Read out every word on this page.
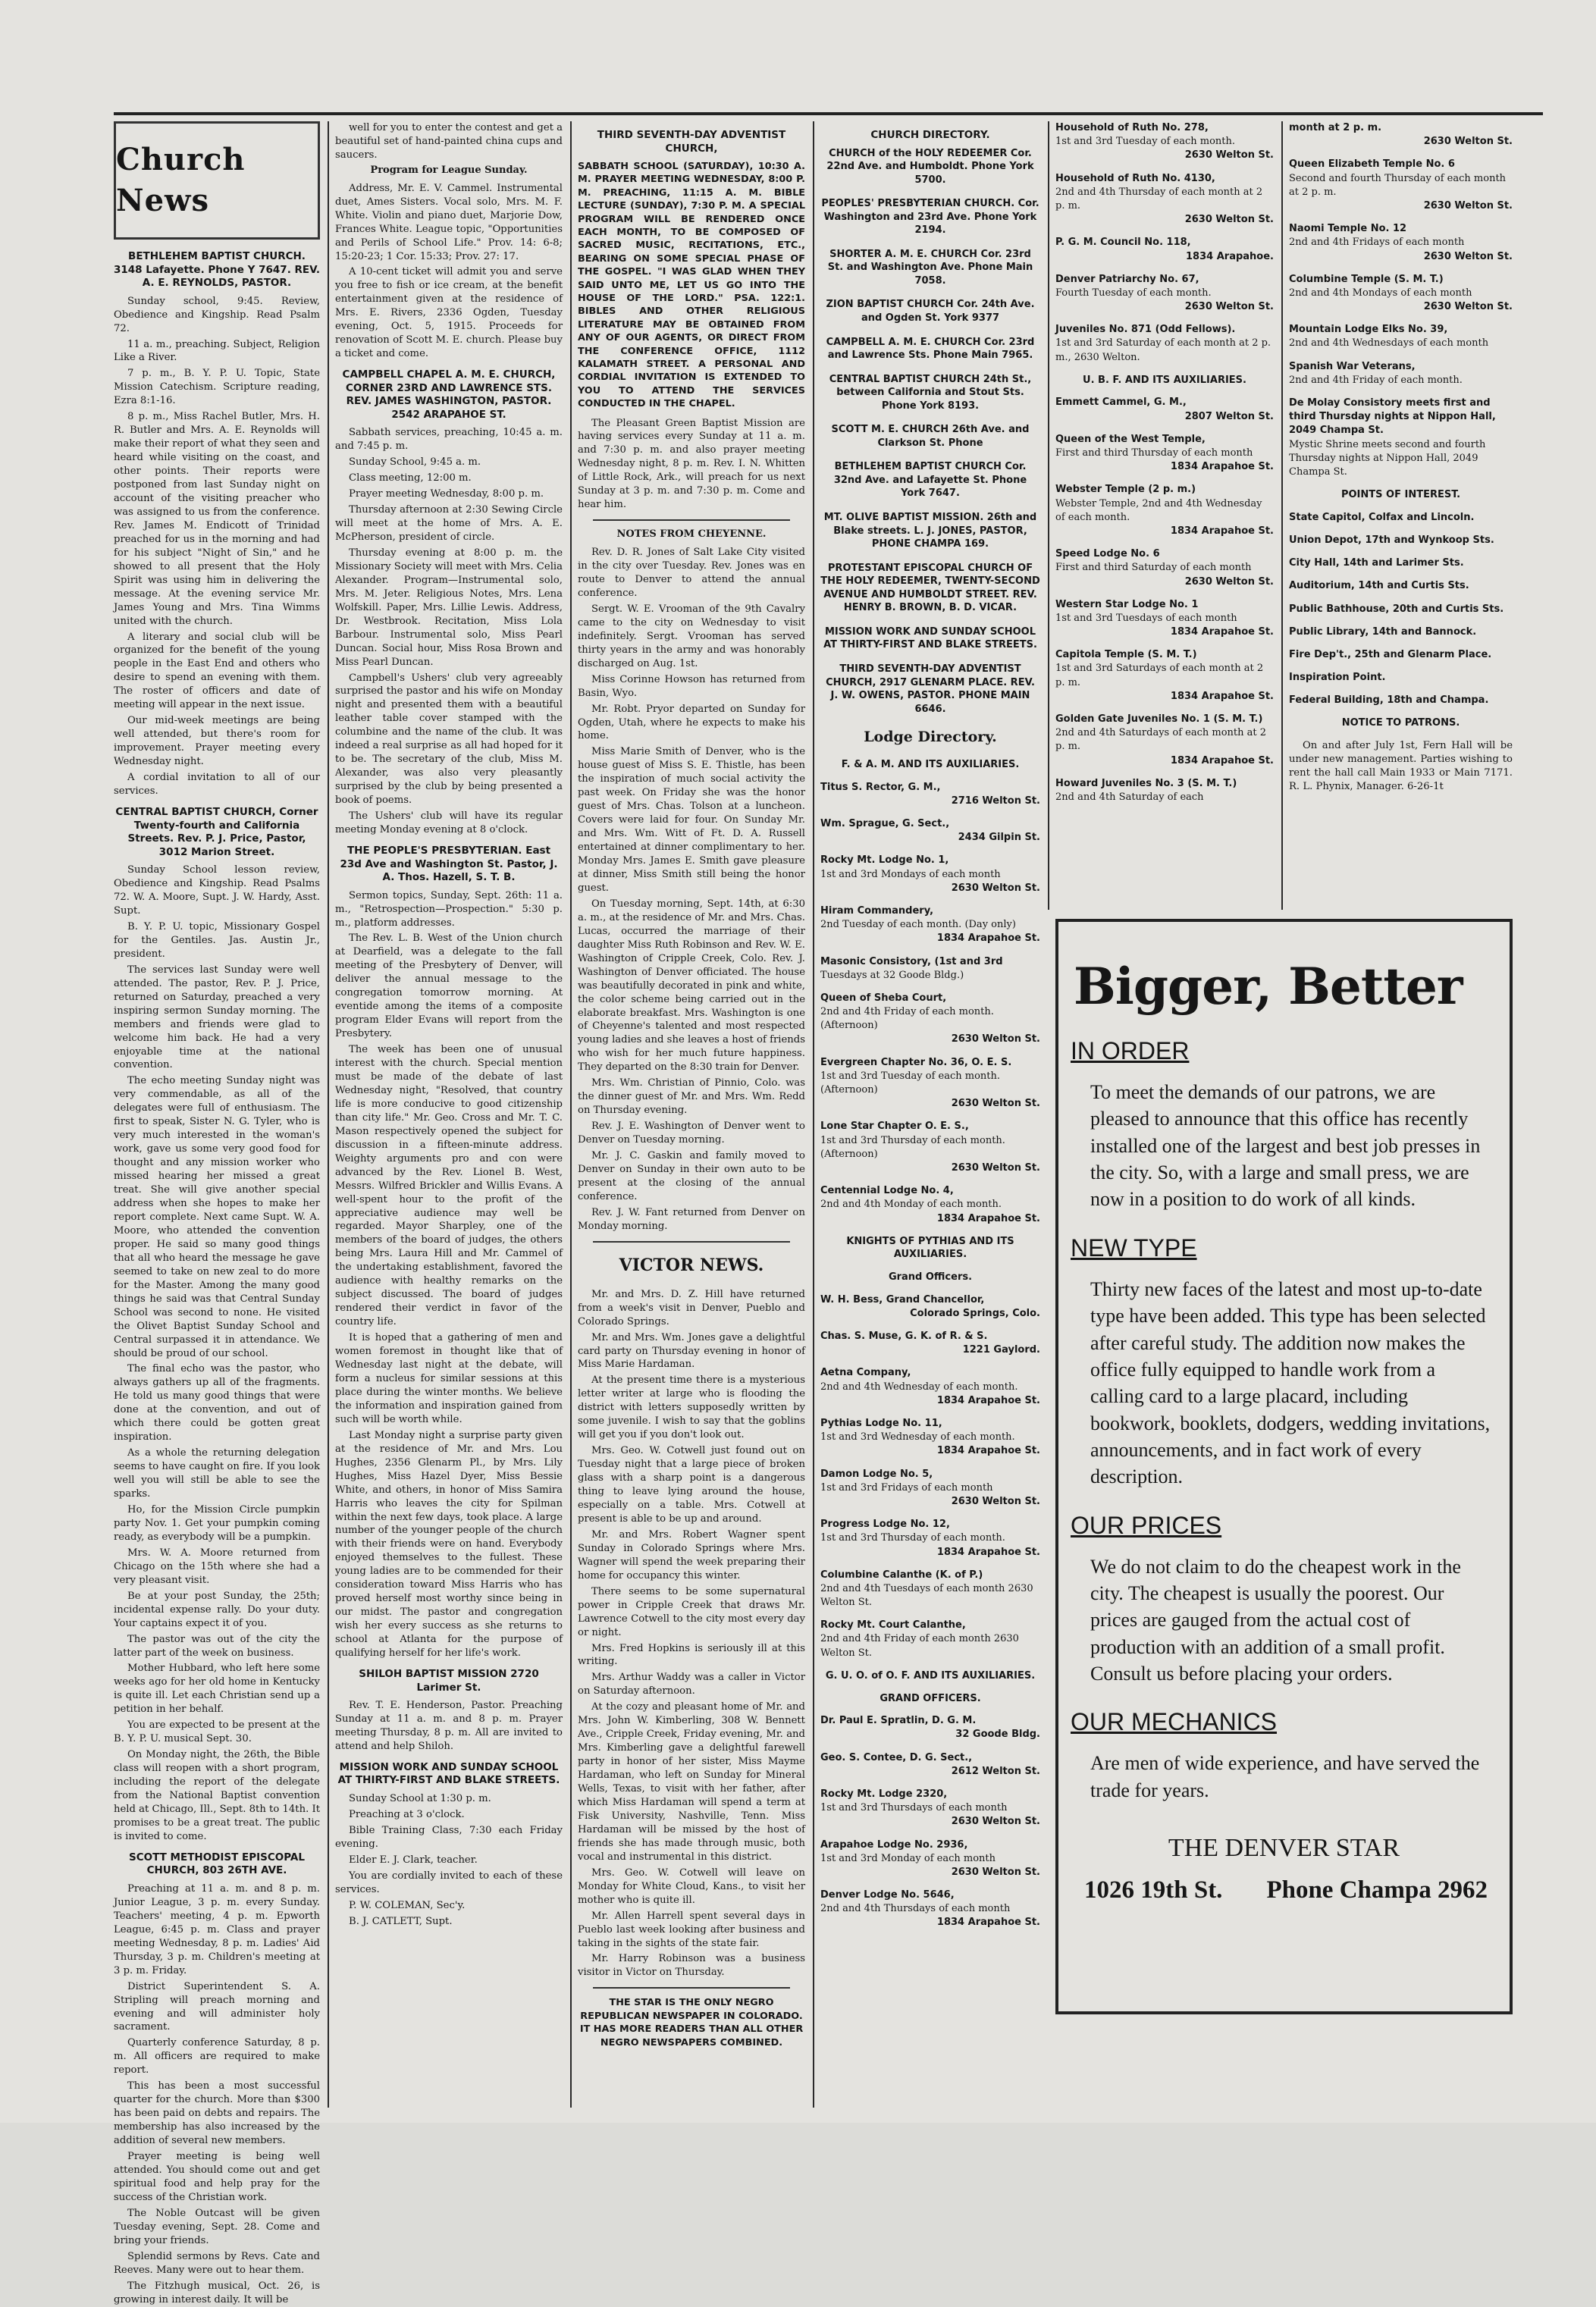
Church News
BETHLEHEM BAPTIST CHURCH. 3148 Lafayette. Phone Y 7647. REV. A. E. REYNOLDS, PASTOR.

Sunday school, 9:45. Review, Obedience and Kingship. Read Psalm 72.

11 a. m., preaching. Subject, Religion Like a River.

7 p. m., B. Y. P. U. Topic, State Mission Catechism. Scripture reading, Ezra 8:1-16.

8 p. m., Miss Rachel Butler, Mrs. H. R. Butler and Mrs. A. E. Reynolds will make their report of what they seen and heard while visiting on the coast, and other points. Their reports were postponed from last Sunday night on account of the visiting preacher who was assigned to us from the conference. Rev. James M. Endicott of Trinidad preached for us in the morning and had for his subject "Night of Sin," and he showed to all present that the Holy Spirit was using him in delivering the message. At the evening service Mr. James Young and Mrs. Tina Wimms united with the church.

A literary and social club will be organized for the benefit of the young people in the East End and others who desire to spend an evening with them. The roster of officers and date of meeting will appear in the next issue.

Our mid-week meetings are being well attended, but there's room for improvement. Prayer meeting every Wednesday night.

A cordial invitation to all of our services.

CENTRAL BAPTIST CHURCH, Corner Twenty-fourth and California Streets. Rev. P. J. Price, Pastor, 3012 Marion Street.

Sunday School lesson review, Obedience and Kingship. Read Psalms 72. W. A. Moore, Supt. J. W. Hardy, Asst. Supt.

B. Y. P. U. topic, Missionary Gospel for the Gentiles. Jas. Austin Jr., president.

The services last Sunday were well attended. The pastor, Rev. P. J. Price, returned on Saturday, preached a very inspiring sermon Sunday morning. The members and friends were glad to welcome him back. He had a very enjoyable time at the national convention.

The echo meeting Sunday night was very commendable, as all of the delegates were full of enthusiasm. The first to speak, Sister N. G. Tyler, who is very much interested in the woman's work, gave us some very good food for thought and any mission worker who missed hearing her missed a great treat. She will give another special address when she hopes to make her report complete. Next came Supt. W. A. Moore, who attended the convention proper. He said so many good things that all who heard the message he gave seemed to take on new zeal to do more for the Master. Among the many good things he said was that Central Sunday School was second to none. He visited the Olivet Baptist Sunday School and Central surpassed it in attendance. We should be proud of our school.

The final echo was the pastor, who always gathers up all of the fragments. He told us many good things that were done at the convention, and out of which there could be gotten great inspiration.

As a whole the returning delegation seems to have caught on fire. If you look well you will still be able to see the sparks.

Ho, for the Mission Circle pumpkin party Nov. 1. Get your pumpkin coming ready, as everybody will be a pumpkin.

Mrs. W. A. Moore returned from Chicago on the 15th where she had a very pleasant visit.

Be at your post Sunday, the 25th; incidental expense rally. Do your duty. Your captains expect it of you.

The pastor was out of the city the latter part of the week on business.

Mother Hubbard, who left here some weeks ago for her old home in Kentucky is quite ill. Let each Christian send up a petition in her behalf.

You are expected to be present at the B. Y. P. U. musical Sept. 30.

On Monday night, the 26th, the Bible class will reopen with a short program, including the report of the delegate from the National Baptist convention held at Chicago, Ill., Sept. 8th to 14th. It promises to be a great treat. The public is invited to come.

SCOTT METHODIST EPISCOPAL CHURCH, 803 26TH AVE.

Preaching at 11 a. m. and 8 p. m. Junior League, 3 p. m. every Sunday. Teachers' meeting, 4 p. m. Epworth League, 6:45 p. m. Class and prayer meeting Wednesday, 8 p. m. Ladies' Aid Thursday, 3 p. m. Children's meeting at 3 p. m. Friday.

District Superintendent S. A. Stripling will preach morning and evening and will administer holy sacrament.

Quarterly conference Saturday, 8 p. m. All officers are required to make report.

This has been a most successful quarter for the church. More than $300 has been paid on debts and repairs. The membership has also increased by the addition of several new members.

Prayer meeting is being well attended. You should come out and get spiritual food and help pray for the success of the Christian work.

The Noble Outcast will be given Tuesday evening, Sept. 28. Come and bring your friends.

Splendid sermons by Revs. Cate and Reeves. Many were out to hear them.

The Fitzhugh musical, Oct. 26, is growing in interest daily. It will be

well for you to enter the contest and get a beautiful set of hand-painted china cups and saucers.

Program for League Sunday.

Address, Mr. E. V. Cammel. Instrumental duet, Ames Sisters. Vocal solo, Mrs. M. F. White. Violin and piano duet, Marjorie Dow, Frances White. League topic, "Opportunities and Perils of School Life." Prov. 14: 6-8; 15:20-23; 1 Cor. 15:33; Prov. 27: 17.

A 10-cent ticket will admit you and serve you free to fish or ice cream, at the benefit entertainment given at the residence of Mrs. E. Rivers, 2336 Ogden, Tuesday evening, Oct. 5, 1915. Proceeds for renovation of Scott M. E. church. Please buy a ticket and come.

CAMPBELL CHAPEL A. M. E. CHURCH, CORNER 23RD AND LAWRENCE STS. REV. JAMES WASHINGTON, PASTOR. 2542 ARAPAHOE ST.

Sabbath services, preaching, 10:45 a. m. and 7:45 p. m.

Sunday School, 9:45 a. m.

Class meeting, 12:00 m.

Prayer meeting Wednesday, 8:00 p. m.

Thursday afternoon at 2:30 Sewing Circle will meet at the home of Mrs. A. E. McPherson, president of circle.

Thursday evening at 8:00 p. m. the Missionary Society will meet with Mrs. Celia Alexander. Program—Instrumental solo, Mrs. M. Jeter. Religious Notes, Mrs. Lena Wolfskill. Paper, Mrs. Lillie Lewis. Address, Dr. Westbrook. Recitation, Miss Lola Barbour. Instrumental solo, Miss Pearl Duncan. Social hour, Miss Rosa Brown and Miss Pearl Duncan.

Campbell's Ushers' club very agreeably surprised the pastor and his wife on Monday night and presented them with a beautiful leather table cover stamped with the columbine and the name of the club. It was indeed a real surprise as all had hoped for it to be. The secretary of the club, Miss M. Alexander, was also very pleasantly surprised by the club by being presented a book of poems.

The Ushers' club will have its regular meeting Monday evening at 8 o'clock.

THE PEOPLE'S PRESBYTERIAN. East 23d Ave and Washington St. Pastor, J. A. Thos. Hazell, S. T. B.

Sermon topics, Sunday, Sept. 26th: 11 a. m., "Retrospection—Prospection." 5:30 p. m., platform addresses.

The Rev. L. B. West of the Union church at Dearfield, was a delegate to the fall meeting of the Presbytery of Denver, will deliver the annual message to the congregation tomorrow morning. At eventide among the items of a composite program Elder Evans will report from the Presbytery.

The week has been one of unusual interest with the church. Special mention must be made of the debate of last Wednesday night, "Resolved, that country life is more conducive to good citizenship than city life." Mr. Geo. Cross and Mr. T. C. Mason respectively opened the subject for discussion in a fifteen-minute address. Weighty arguments pro and con were advanced by the Rev. Lionel B. West, Messrs. Wilfred Brickler and Willis Evans. A well-spent hour to the profit of the appreciative audience may well be regarded. Mayor Sharpley, one of the members of the board of judges, the others being Mrs. Laura Hill and Mr. Cammel of the undertaking establishment, favored the audience with healthy remarks on the subject discussed. The board of judges rendered their verdict in favor of the country life.

It is hoped that a gathering of men and women foremost in thought like that of Wednesday last night at the debate, will form a nucleus for similar sessions at this place during the winter months. We believe the information and inspiration gained from such will be worth while.

Last Monday night a surprise party given at the residence of Mr. and Mrs. Lou Hughes, 2356 Glenarm Pl., by Mrs. Lily Hughes, Miss Hazel Dyer, Miss Bessie White, and others, in honor of Miss Samira Harris who leaves the city for Spilman within the next few days, took place. A large number of the younger people of the church with their friends were on hand. Everybody enjoyed themselves to the fullest. These young ladies are to be commended for their consideration toward Miss Harris who has proved herself most worthy since being in our midst. The pastor and congregation wish her every success as she returns to school at Atlanta for the purpose of qualifying herself for her life's work.

SHILOH BAPTIST MISSION 2720 Larimer St.

Rev. T. E. Henderson, Pastor. Preaching Sunday at 11 a. m. and 8 p. m. Prayer meeting Thursday, 8 p. m. All are invited to attend and help Shiloh.

MISSION WORK AND SUNDAY SCHOOL AT THIRTY-FIRST AND BLAKE STREETS.

Sunday School at 1:30 p. m.

Preaching at 3 o'clock.

Bible Training Class, 7:30 each Friday evening.

Elder E. J. Clark, teacher.

You are cordially invited to each of these services.

P. W. COLEMAN, Sec'y.

B. J. CATLETT, Supt.

THIRD SEVENTH-DAY ADVENTIST CHURCH,
SABBATH SCHOOL (SATURDAY), 10:30 A. M. PRAYER MEETING WEDNESDAY, 8:00 P. M. PREACHING, 11:15 A. M. BIBLE LECTURE (SUNDAY), 7:30 P. M. A SPECIAL PROGRAM WILL BE RENDERED ONCE EACH MONTH, TO BE COMPOSED OF SACRED MUSIC, RECITATIONS, ETC., BEARING ON SOME SPECIAL PHASE OF THE GOSPEL. "I WAS GLAD WHEN THEY SAID UNTO ME, LET US GO INTO THE HOUSE OF THE LORD." PSA. 122:1. BIBLES AND OTHER RELIGIOUS LITERATURE MAY BE OBTAINED FROM ANY OF OUR AGENTS, OR DIRECT FROM THE CONFERENCE OFFICE, 1112 KALAMATH STREET. A PERSONAL AND CORDIAL INVITATION IS EXTENDED TO YOU TO ATTEND THE SERVICES CONDUCTED IN THE CHAPEL.

The Pleasant Green Baptist Mission are having services every Sunday at 11 a. m. and 7:30 p. m. and also prayer meeting Wednesday night, 8 p. m. Rev. I. N. Whitten of Little Rock, Ark., will preach for us next Sunday at 3 p. m. and 7:30 p. m. Come and hear him.

NOTES FROM CHEYENNE.

Rev. D. R. Jones of Salt Lake City visited in the city over Tuesday. Rev. Jones was en route to Denver to attend the annual conference.

Sergt. W. E. Vrooman of the 9th Cavalry came to the city on Wednesday to visit indefinitely. Sergt. Vrooman has served thirty years in the army and was honorably discharged on Aug. 1st.

Miss Corinne Howson has returned from Basin, Wyo.

Mr. Robt. Pryor departed on Sunday for Ogden, Utah, where he expects to make his home.

Miss Marie Smith of Denver, who is the house guest of Miss S. E. Thistle, has been the inspiration of much social activity the past week. On Friday she was the honor guest of Mrs. Chas. Tolson at a luncheon. Covers were laid for four. On Sunday Mr. and Mrs. Wm. Witt of Ft. D. A. Russell entertained at dinner complimentary to her. Monday Mrs. James E. Smith gave pleasure at dinner, Miss Smith still being the honor guest.

On Tuesday morning, Sept. 14th, at 6:30 a. m., at the residence of Mr. and Mrs. Chas. Lucas, occurred the marriage of their daughter Miss Ruth Robinson and Rev. W. E. Washington of Cripple Creek, Colo. Rev. J. Washington of Denver officiated. The house was beautifully decorated in pink and white, the color scheme being carried out in the elaborate breakfast. Mrs. Washington is one of Cheyenne's talented and most respected young ladies and she leaves a host of friends who wish for her much future happiness. They departed on the 8:30 train for Denver.

Mrs. Wm. Christian of Pinnio, Colo. was the dinner guest of Mr. and Mrs. Wm. Redd on Thursday evening.

Rev. J. E. Washington of Denver went to Denver on Tuesday morning.

Mr. J. C. Gaskin and family moved to Denver on Sunday in their own auto to be present at the closing of the annual conference.

Rev. J. W. Fant returned from Denver on Monday morning.

VICTOR NEWS.

Mr. and Mrs. D. Z. Hill have returned from a week's visit in Denver, Pueblo and Colorado Springs.

Mr. and Mrs. Wm. Jones gave a delightful card party on Thursday evening in honor of Miss Marie Hardaman.

At the present time there is a mysterious letter writer at large who is flooding the district with letters supposedly written by some juvenile. I wish to say that the goblins will get you if you don't look out.

Mrs. Geo. W. Cotwell just found out on Tuesday night that a large piece of broken glass with a sharp point is a dangerous thing to leave lying around the house, especially on a table. Mrs. Cotwell at present is able to be up and around.

Mr. and Mrs. Robert Wagner spent Sunday in Colorado Springs where Mrs. Wagner will spend the week preparing their home for occupancy this winter.

There seems to be some supernatural power in Cripple Creek that draws Mr. Lawrence Cotwell to the city most every day or night.

Mrs. Fred Hopkins is seriously ill at this writing.

Mrs. Arthur Waddy was a caller in Victor on Saturday afternoon.

At the cozy and pleasant home of Mr. and Mrs. John W. Kimberling, 308 W. Bennett Ave., Cripple Creek, Friday evening, Mr. and Mrs. Kimberling gave a delightful farewell party in honor of her sister, Miss Mayme Hardaman, who left on Sunday for Mineral Wells, Texas, to visit with her father, after which Miss Hardaman will spend a term at Fisk University, Nashville, Tenn. Miss Hardaman will be missed by the host of friends she has made through music, both vocal and instrumental in this district.

Mrs. Geo. W. Cotwell will leave on Monday for White Cloud, Kans., to visit her mother who is quite ill.

Mr. Allen Harrell spent several days in Pueblo last week looking after business and taking in the sights of the state fair.

Mr. Harry Robinson was a business visitor in Victor on Thursday.

THE STAR IS THE ONLY NEGRO REPUBLICAN NEWSPAPER IN COLORADO. IT HAS MORE READERS THAN ALL OTHER NEGRO NEWSPAPERS COMBINED.
CHURCH DIRECTORY.
CHURCH of the HOLY REDEEMER Cor. 22nd Ave. and Humboldt. Phone York 5700.
PEOPLES' PRESBYTERIAN CHURCH. Cor. Washington and 23rd Ave. Phone York 2194.
SHORTER A. M. E. CHURCH Cor. 23rd St. and Washington Ave. Phone Main 7058.
ZION BAPTIST CHURCH Cor. 24th Ave. and Ogden St. York 9377
CAMPBELL A. M. E. CHURCH Cor. 23rd and Lawrence Sts. Phone Main 7965.
CENTRAL BAPTIST CHURCH 24th St., between California and Stout Sts. Phone York 8193.
SCOTT M. E. CHURCH 26th Ave. and Clarkson St. Phone
BETHLEHEM BAPTIST CHURCH Cor. 32nd Ave. and Lafayette St. Phone York 7647.
MT. OLIVE BAPTIST MISSION. 26th and Blake streets. L. J. JONES, PASTOR, PHONE CHAMPA 169.
PROTESTANT EPISCOPAL CHURCH OF THE HOLY REDEEMER, TWENTY-SECOND AVENUE AND HUMBOLDT STREET. REV. HENRY B. BROWN, B. D. VICAR.
MISSION WORK AND SUNDAY SCHOOL AT THIRTY-FIRST AND BLAKE STREETS.
THIRD SEVENTH-DAY ADVENTIST CHURCH, 2917 GLENARM PLACE. REV. J. W. OWENS, PASTOR. PHONE MAIN 6646.
Lodge Directory.
F. & A. M. AND ITS AUXILIARIES.
Titus S. Rector, G. M.,
2716 Welton St.
Wm. Sprague, G. Sect.,
2434 Gilpin St.
Rocky Mt. Lodge No. 1,
1st and 3rd Mondays of each month
2630 Welton St.
Hiram Commandery,
2nd Tuesday of each month. (Day only)
1834 Arapahoe St.
Masonic Consistory, (1st and 3rd
Tuesdays at 32 Goode Bldg.)
Queen of Sheba Court,
2nd and 4th Friday of each month. (Afternoon)
2630 Welton St.
Evergreen Chapter No. 36, O. E. S.
1st and 3rd Tuesday of each month. (Afternoon)
2630 Welton St.
Lone Star Chapter O. E. S.,
1st and 3rd Thursday of each month. (Afternoon)
2630 Welton St.
Centennial Lodge No. 4,
2nd and 4th Monday of each month.
1834 Arapahoe St.
KNIGHTS OF PYTHIAS AND ITS AUXILIARIES.
Grand Officers.
W. H. Bess, Grand Chancellor,
Colorado Springs, Colo.
Chas. S. Muse, G. K. of R. & S.
1221 Gaylord.
Aetna Company,
2nd and 4th Wednesday of each month.
1834 Arapahoe St.
Pythias Lodge No. 11,
1st and 3rd Wednesday of each month.
1834 Arapahoe St.
Damon Lodge No. 5,
1st and 3rd Fridays of each month
2630 Welton St.
Progress Lodge No. 12,
1st and 3rd Thursday of each month.
1834 Arapahoe St.
Columbine Calanthe (K. of P.)
2nd and 4th Tuesdays of each month 2630 Welton St.
Rocky Mt. Court Calanthe,
2nd and 4th Friday of each month 2630 Welton St.
G. U. O. of O. F. AND ITS AUXILIARIES.
GRAND OFFICERS.
Dr. Paul E. Spratlin, D. G. M.
32 Goode Bldg.
Geo. S. Contee, D. G. Sect.,
2612 Welton St.
Rocky Mt. Lodge 2320,
1st and 3rd Thursdays of each month
2630 Welton St.
Arapahoe Lodge No. 2936,
1st and 3rd Monday of each month
2630 Welton St.
Denver Lodge No. 5646,
2nd and 4th Thursdays of each month
1834 Arapahoe St.
Household of Ruth No. 278,
1st and 3rd Tuesday of each month.
2630 Welton St.
Household of Ruth No. 4130,
2nd and 4th Thursday of each month at 2 p. m.
2630 Welton St.
P. G. M. Council No. 118,
1834 Arapahoe.
Denver Patriarchy No. 67,
Fourth Tuesday of each month.
2630 Welton St.
Juveniles No. 871 (Odd Fellows).
1st and 3rd Saturday of each month at 2 p. m., 2630 Welton.
U. B. F. AND ITS AUXILIARIES.
Emmett Cammel, G. M.,
2807 Welton St.
Queen of the West Temple,
First and third Thursday of each month
1834 Arapahoe St.
Webster Temple (2 p. m.)
Webster Temple, 2nd and 4th Wednesday of each month.
1834 Arapahoe St.
Speed Lodge No. 6
First and third Saturday of each month
2630 Welton St.
Western Star Lodge No. 1
1st and 3rd Tuesdays of each month
1834 Arapahoe St.
Capitola Temple (S. M. T.)
1st and 3rd Saturdays of each month at 2 p. m.
1834 Arapahoe St.
Golden Gate Juveniles No. 1 (S. M. T.)
2nd and 4th Saturdays of each month at 2 p. m.
1834 Arapahoe St.
Howard Juveniles No. 3 (S. M. T.)
2nd and 4th Saturday of each
month at 2 p. m.
2630 Welton St.
Queen Elizabeth Temple No. 6
Second and fourth Thursday of each month at 2 p. m.
2630 Welton St.
Naomi Temple No. 12
2nd and 4th Fridays of each month
2630 Welton St.
Columbine Temple (S. M. T.)
2nd and 4th Mondays of each month
2630 Welton St.
Mountain Lodge Elks No. 39,
2nd and 4th Wednesdays of each month
Spanish War Veterans,
2nd and 4th Friday of each month.
De Molay Consistory meets first and third Thursday nights at Nippon Hall, 2049 Champa St.
Mystic Shrine meets second and fourth Thursday nights at Nippon Hall, 2049 Champa St.
POINTS OF INTEREST.
State Capitol, Colfax and Lincoln.
Union Depot, 17th and Wynkoop Sts.
City Hall, 14th and Larimer Sts.
Auditorium, 14th and Curtis Sts.
Public Bathhouse, 20th and Curtis Sts.
Public Library, 14th and Bannock.
Fire Dep't., 25th and Glenarm Place.
Inspiration Point.
Federal Building, 18th and Champa.
NOTICE TO PATRONS.

On and after July 1st, Fern Hall will be under new management. Parties wishing to rent the hall call Main 1933 or Main 7171. R. L. Phynix, Manager. 6-26-1t

Bigger, Better
IN ORDER
To meet the demands of our patrons, we are pleased to announce that this office has recently installed one of the largest and best job presses in the city. So, with a large and small press, we are now in a position to do work of all kinds.
NEW TYPE
Thirty new faces of the latest and most up-to-date type have been added. This type has been selected after careful study. The addition now makes the office fully equipped to handle work from a calling card to a large placard, including bookwork, booklets, dodgers, wedding invitations, announcements, and in fact work of every description.
OUR PRICES
We do not claim to do the cheapest work in the city. The cheapest is usually the poorest. Our prices are gauged from the actual cost of production with an addition of a small profit. Consult us before placing your orders.
OUR MECHANICS
Are men of wide experience, and have served the trade for years.
THE DENVER STAR
1026 19th St. Phone Champa 2962
